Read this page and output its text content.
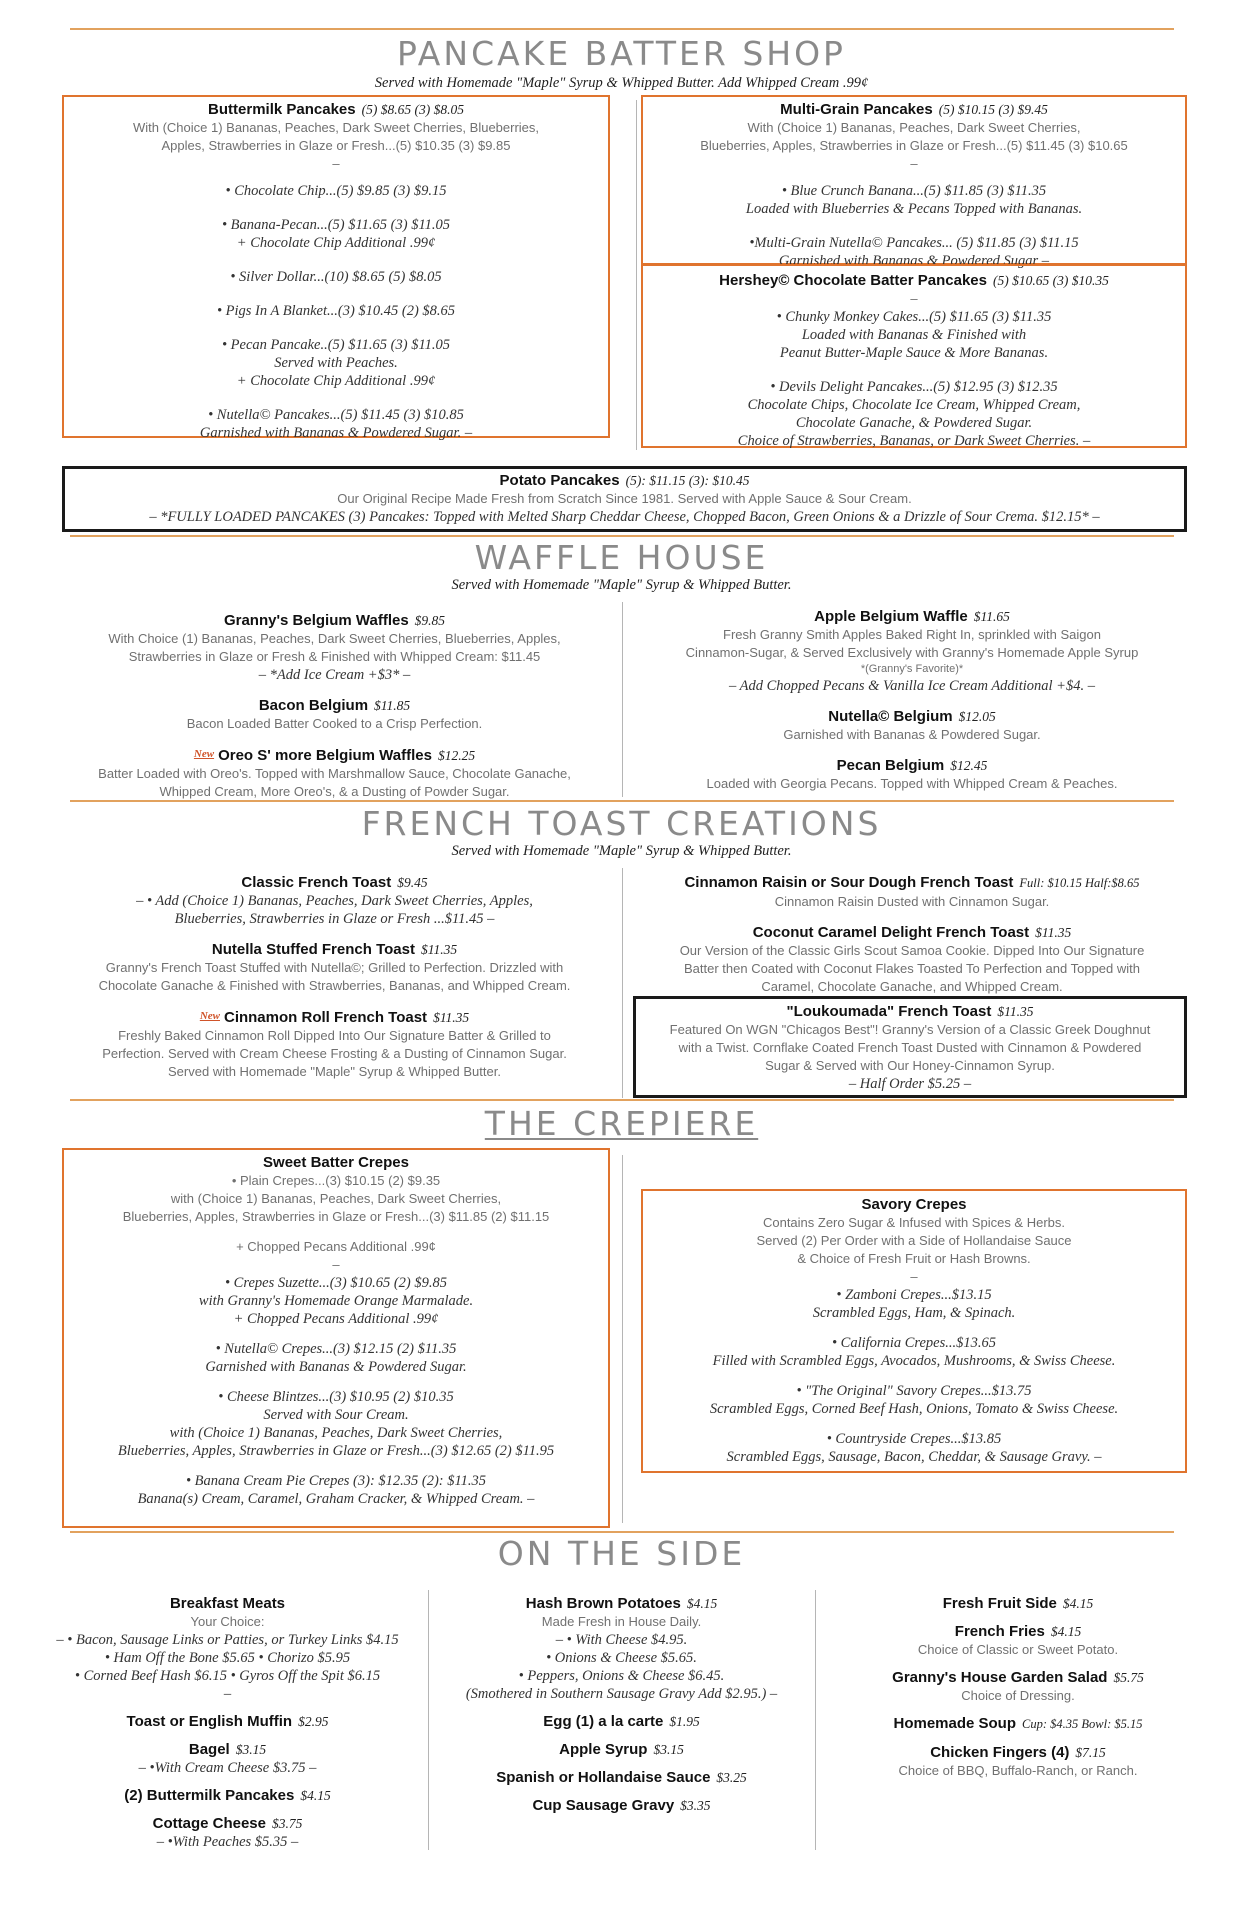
PANCAKE BATTER SHOP
Served with Homemade "Maple" Syrup & Whipped Butter. Add Whipped Cream .99¢
Buttermilk Pancakes (5) $8.65 (3) $8.05
With (Choice 1) Bananas, Peaches, Dark Sweet Cherries, Blueberries,
Apples, Strawberries in Glaze or Fresh...(5) $10.35 (3) $9.85
–
• Chocolate Chip...(5) $9.85 (3) $9.15
• Banana-Pecan...(5) $11.65 (3) $11.05
+ Chocolate Chip Additional .99¢
• Silver Dollar...(10) $8.65 (5) $8.05
• Pigs In A Blanket...(3) $10.45 (2) $8.65
• Pecan Pancake..(5) $11.65 (3) $11.05
Served with Peaches.
+ Chocolate Chip Additional .99¢
• Nutella© Pancakes...(5) $11.45 (3) $10.85
Garnished with Bananas & Powdered Sugar. –
Multi-Grain Pancakes (5) $10.15 (3) $9.45
With (Choice 1) Bananas, Peaches, Dark Sweet Cherries,
Blueberries, Apples, Strawberries in Glaze or Fresh...(5) $11.45 (3) $10.65
–
• Blue Crunch Banana...(5) $11.85 (3) $11.35
Loaded with Blueberries & Pecans Topped with Bananas.
•Multi-Grain Nutella© Pancakes... (5) $11.85 (3) $11.15
Garnished with Bananas & Powdered Sugar –
Hershey© Chocolate Batter Pancakes (5) $10.65 (3) $10.35
–
• Chunky Monkey Cakes...(5) $11.65 (3) $11.35
Loaded with Bananas & Finished with
Peanut Butter-Maple Sauce & More Bananas.
• Devils Delight Pancakes...(5) $12.95 (3) $12.35
Chocolate Chips, Chocolate Ice Cream, Whipped Cream,
Chocolate Ganache, & Powdered Sugar.
Choice of Strawberries, Bananas, or Dark Sweet Cherries. –
Potato Pancakes (5): $11.15 (3): $10.45
Our Original Recipe Made Fresh from Scratch Since 1981. Served with Apple Sauce & Sour Cream.
– *FULLY LOADED PANCAKES (3) Pancakes: Topped with Melted Sharp Cheddar Cheese, Chopped Bacon, Green Onions & a Drizzle of Sour Crema. $12.15* –
WAFFLE HOUSE
Served with Homemade "Maple" Syrup & Whipped Butter.
Granny's Belgium Waffles $9.85
With Choice (1) Bananas, Peaches, Dark Sweet Cherries, Blueberries, Apples,
Strawberries in Glaze or Fresh & Finished with Whipped Cream: $11.45
– *Add Ice Cream +$3* –
Bacon Belgium $11.85
Bacon Loaded Batter Cooked to a Crisp Perfection.
$^{New}$ Oreo S' more Belgium Waffles $12.25
Batter Loaded with Oreo's. Topped with Marshmallow Sauce, Chocolate Ganache,
Whipped Cream, More Oreo's, & a Dusting of Powder Sugar.
Apple Belgium Waffle $11.65
Fresh Granny Smith Apples Baked Right In, sprinkled with Saigon
Cinnamon-Sugar, & Served Exclusively with Granny's Homemade Apple Syrup
*(Granny's Favorite)*
– Add Chopped Pecans & Vanilla Ice Cream Additional +$4. –
Nutella© Belgium $12.05
Garnished with Bananas & Powdered Sugar.
Pecan Belgium $12.45
Loaded with Georgia Pecans. Topped with Whipped Cream & Peaches.
FRENCH TOAST CREATIONS
Served with Homemade "Maple" Syrup & Whipped Butter.
Classic French Toast $9.45
– • Add (Choice 1) Bananas, Peaches, Dark Sweet Cherries, Apples,
Blueberries, Strawberries in Glaze or Fresh ...$11.45 –
Nutella Stuffed French Toast $11.35
Granny's French Toast Stuffed with Nutella©; Grilled to Perfection. Drizzled with
Chocolate Ganache & Finished with Strawberries, Bananas, and Whipped Cream.
$^{New}$ Cinnamon Roll French Toast $11.35
Freshly Baked Cinnamon Roll Dipped Into Our Signature Batter & Grilled to
Perfection. Served with Cream Cheese Frosting & a Dusting of Cinnamon Sugar.
Served with Homemade "Maple" Syrup & Whipped Butter.
Cinnamon Raisin or Sour Dough French Toast Full: $10.15 Half:$8.65
Cinnamon Raisin Dusted with Cinnamon Sugar.
Coconut Caramel Delight French Toast $11.35
Our Version of the Classic Girls Scout Samoa Cookie. Dipped Into Our Signature
Batter then Coated with Coconut Flakes Toasted To Perfection and Topped with
Caramel, Chocolate Ganache, and Whipped Cream.
"Loukoumada" French Toast $11.35
Featured On WGN "Chicagos Best"! Granny's Version of a Classic Greek Doughnut
with a Twist. Cornflake Coated French Toast Dusted with Cinnamon & Powdered
Sugar & Served with Our Honey-Cinnamon Syrup.
– Half Order $5.25 –
THE CREPIERE
Sweet Batter Crepes
• Plain Crepes...(3) $10.15 (2) $9.35
with (Choice 1) Bananas, Peaches, Dark Sweet Cherries,
Blueberries, Apples, Strawberries in Glaze or Fresh...(3) $11.85 (2) $11.15
+ Chopped Pecans Additional .99¢
–
• Crepes Suzette...(3) $10.65 (2) $9.85
with Granny's Homemade Orange Marmalade.
+ Chopped Pecans Additional .99¢
• Nutella© Crepes...(3) $12.15 (2) $11.35
Garnished with Bananas & Powdered Sugar.
• Cheese Blintzes...(3) $10.95 (2) $10.35
Served with Sour Cream.
with (Choice 1) Bananas, Peaches, Dark Sweet Cherries,
Blueberries, Apples, Strawberries in Glaze or Fresh...(3) $12.65 (2) $11.95
• Banana Cream Pie Crepes (3): $12.35 (2): $11.35
Banana(s) Cream, Caramel, Graham Cracker, & Whipped Cream. –
Savory Crepes
Contains Zero Sugar & Infused with Spices & Herbs.
Served (2) Per Order with a Side of Hollandaise Sauce
& Choice of Fresh Fruit or Hash Browns.
–
• Zamboni Crepes...$13.15
Scrambled Eggs, Ham, & Spinach.
• California Crepes...$13.65
Filled with Scrambled Eggs, Avocados, Mushrooms, & Swiss Cheese.
• "The Original" Savory Crepes...$13.75
Scrambled Eggs, Corned Beef Hash, Onions, Tomato & Swiss Cheese.
• Countryside Crepes...$13.85
Scrambled Eggs, Sausage, Bacon, Cheddar, & Sausage Gravy. –
ON THE SIDE
Breakfast Meats
Your Choice:
– • Bacon, Sausage Links or Patties, or Turkey Links $4.15
• Ham Off the Bone $5.65 • Chorizo $5.95
• Corned Beef Hash $6.15 • Gyros Off the Spit $6.15
–
Toast or English Muffin $2.95
Bagel $3.15
– •With Cream Cheese $3.75 –
(2) Buttermilk Pancakes $4.15
Cottage Cheese $3.75
– •With Peaches $5.35 –
Hash Brown Potatoes $4.15
Made Fresh in House Daily.
– • With Cheese $4.95.
• Onions & Cheese $5.65.
• Peppers, Onions & Cheese $6.45.
(Smothered in Southern Sausage Gravy Add $2.95.) –
Egg (1) a la carte $1.95
Apple Syrup $3.15
Spanish or Hollandaise Sauce $3.25
Cup Sausage Gravy $3.35
Fresh Fruit Side $4.15
French Fries $4.15
Choice of Classic or Sweet Potato.
Granny's House Garden Salad $5.75
Choice of Dressing.
Homemade Soup Cup: $4.35 Bowl: $5.15
Chicken Fingers (4) $7.15
Choice of BBQ, Buffalo-Ranch, or Ranch.
